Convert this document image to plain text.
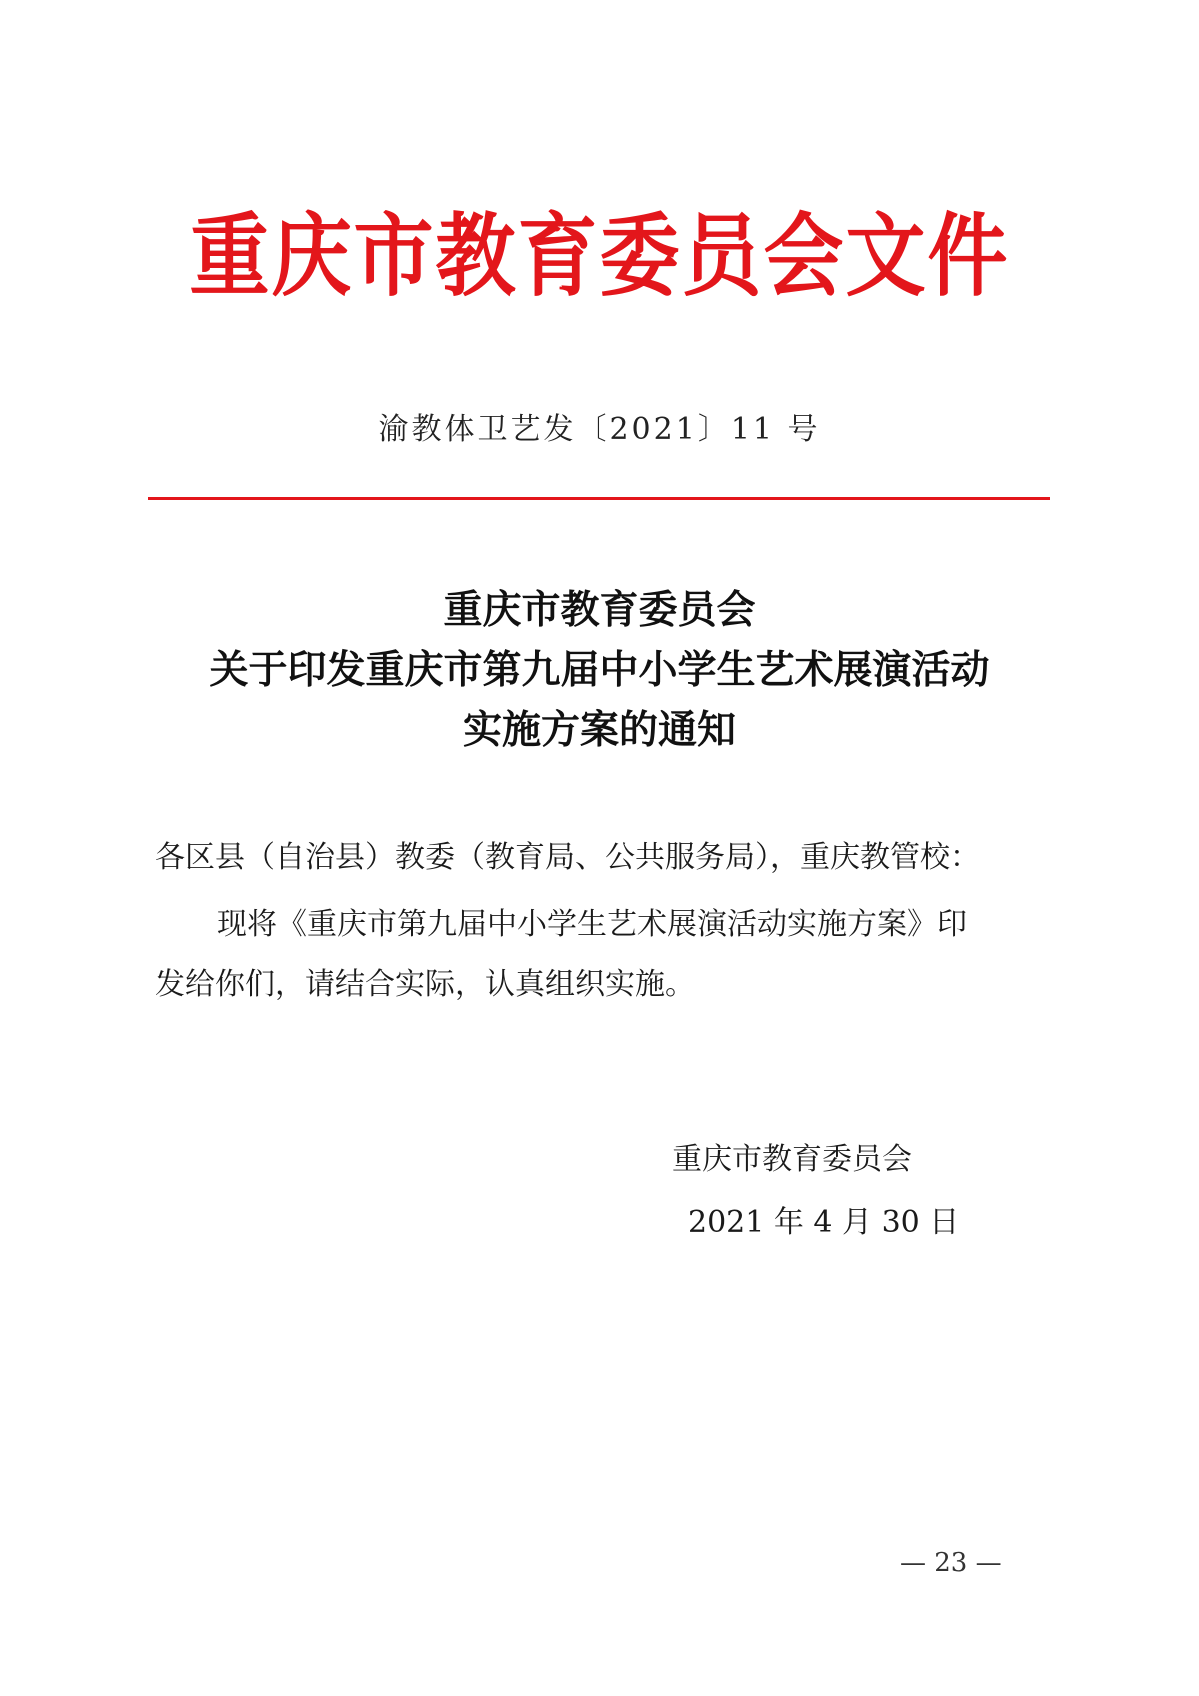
重庆市教育委员会文件
渝教体卫艺发〔2021〕11 号
重庆市教育委员会
关于印发重庆市第九届中小学生艺术展演活动
实施方案的通知
各区县（自治县）教委（教育局、公共服务局），重庆教管校：
现将《重庆市第九届中小学生艺术展演活动实施方案》印
发给你们，请结合实际，认真组织实施。
重庆市教育委员会
2021 年 4 月 30 日
— 23 —
